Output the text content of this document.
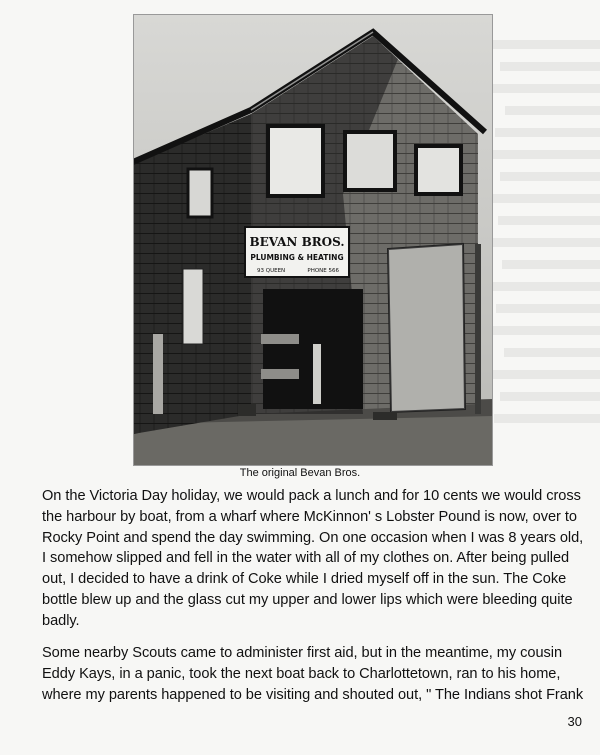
BEVAN BROS.
PLUMBING & HEATING
93 QUEEN	PHONE 566
The original Bevan Bros.

On the Victoria Day holiday, we would pack a lunch and for 10 cents we would cross the harbour by boat, from a wharf where McKinnon' s Lobster Pound is now, over to Rocky Point and spend the day swimming. On one occasion when I was 8 years old, I somehow slipped and fell in the water with all of my clothes on. After being pulled out, I decided to have a drink of Coke while I dried myself off in the sun. The Coke bottle blew up and the glass cut my upper and lower lips which were bleeding quite badly.

Some nearby Scouts came to administer first aid, but in the meantime, my cousin Eddy Kays, in a panic, took the next boat back to Charlottetown, ran to his home, where my parents happened to be visiting and shouted out, " The Indians shot Frank

30
